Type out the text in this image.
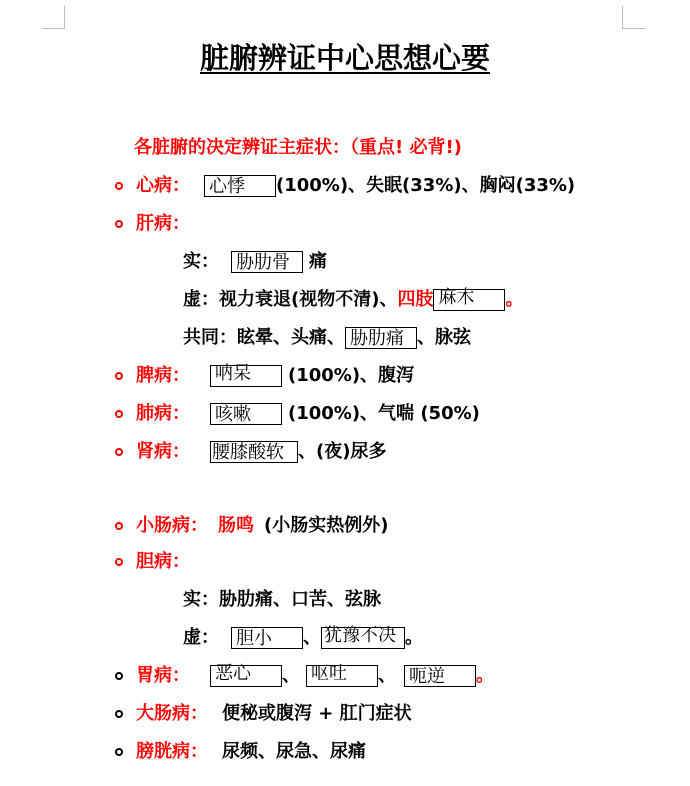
脏腑辨证中心思想心要
各脏腑的决定辨证主症状：（重点! 必背!)
心病： 心悸	(100%)、失眠(33%)、胸闷(33%)
肝病：
实： 胁肋骨	痛
虚： 视力衰退(视物不清)、 四肢 麻木	。
共同： 眩晕、头痛、 胁肋痛 、脉弦
脾病： 呐呆	(100%)、腹泻
肺病： 咳嗽	(100%)、气喘 (50%)
肾病： 腰膝酸软 、(夜)尿多
小肠病： 肠鸣 (小肠实热例外)
胆病：
实： 胁肋痛、口苦、弦脉
虚： 胆小	、 犹豫不决 。
胃病： 恶心	、 呕吐	、 呃逆	。
大肠病： 便秘或腹泻 + 肛门症状
膀胱病： 尿频、尿急、尿痛
